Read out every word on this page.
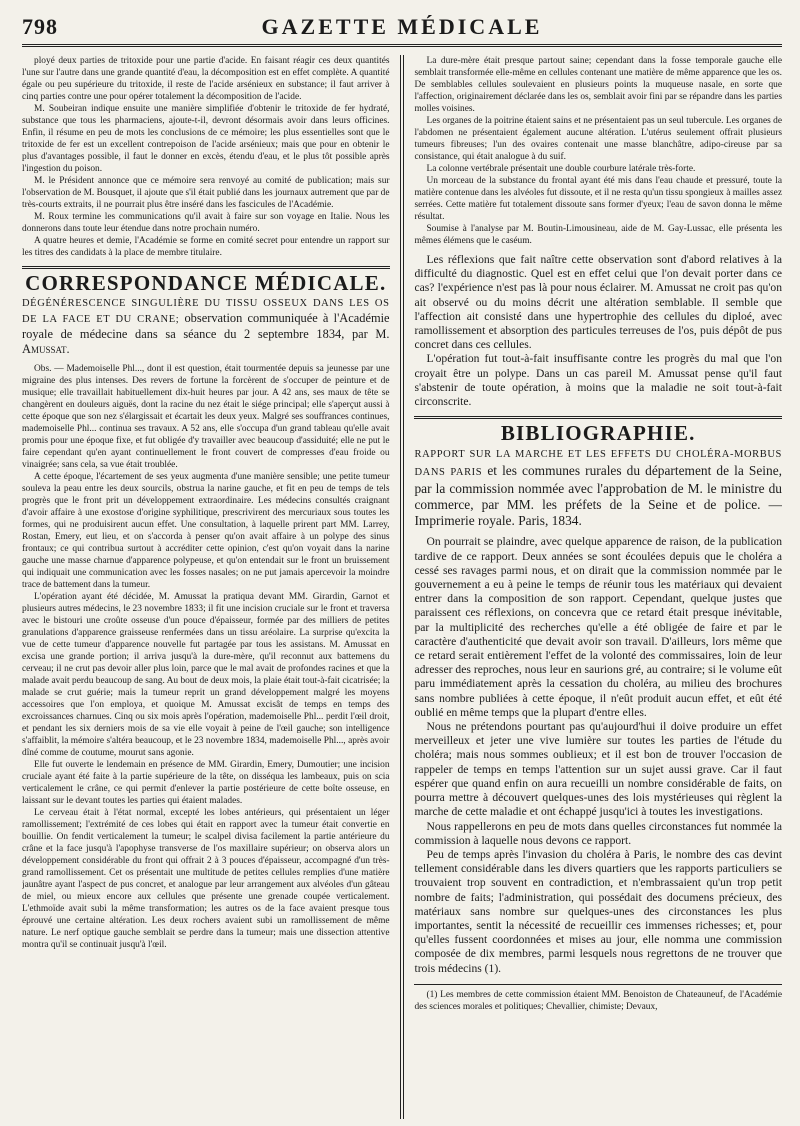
798	GAZETTE MÉDICALE

ployé deux parties de tritoxide pour une partie d'acide. En faisant réagir ces deux quantités l'une sur l'autre dans une grande quantité d'eau, la décomposition est en effet complète. A quantité égale ou peu supérieure du tritoxide, il reste de l'acide arsénieux en substance; il faut arriver à cinq parties contre une pour opérer totalement la décomposition de l'acide.

M. Soubeiran indique ensuite une manière simplifiée d'obtenir le tritoxide de fer hydraté, substance que tous les pharmaciens, ajoute-t-il, devront désormais avoir dans leurs officines. Enfin, il résume en peu de mots les conclusions de ce mémoire; les plus essentielles sont que le tritoxide de fer est un excellent contrepoison de l'acide arsénieux; mais que pour en obtenir le plus d'avantages possible, il faut le donner en excès, étendu d'eau, et le plus tôt possible après l'ingestion du poison.

M. le Président annonce que ce mémoire sera renvoyé au comité de publication; mais sur l'observation de M. Bousquet, il ajoute que s'il était publié dans les journaux autrement que par de très-courts extraits, il ne pourrait plus être inséré dans les fascicules de l'Académie.

M. Roux termine les communications qu'il avait à faire sur son voyage en Italie. Nous les donnerons dans toute leur étendue dans notre prochain numéro.

A quatre heures et demie, l'Académie se forme en comité secret pour entendre un rapport sur les titres des candidats à la place de membre titulaire.

CORRESPONDANCE MÉDICALE.
DÉGÉNÉRESCENCE SINGULIÈRE DU TISSU OSSEUX DANS LES OS DE LA FACE ET DU CRANE; observation communiquée à l'Académie royale de médecine dans sa séance du 2 septembre 1834, par M. Amussat.

Obs. — Mademoiselle Phl..., dont il est question, était tourmentée depuis sa jeunesse par une migraine des plus intenses. Des revers de fortune la forcèrent de s'occuper de peinture et de musique; elle travaillait habituellement dix-huit heures par jour. A 42 ans, ses maux de tête se changèrent en douleurs aiguës, dont la racine du nez était le siége principal; elle s'aperçut aussi à cette époque que son nez s'élargissait et écartait les deux yeux. Malgré ses souffrances continues, mademoiselle Phl... continua ses travaux. A 52 ans, elle s'occupa d'un grand tableau qu'elle avait promis pour une époque fixe, et fut obligée d'y travailler avec beaucoup d'assiduité; elle ne put le faire cependant qu'en ayant continuellement le front couvert de compresses d'eau froide ou vinaigrée; sans cela, sa vue était troublée.

A cette époque, l'écartement de ses yeux augmenta d'une manière sensible; une petite tumeur souleva la peau entre les deux sourcils, obstrua la narine gauche, et fit en peu de temps de tels progrès que le front prit un développement extraordinaire. Les médecins consultés craignant d'avoir affaire à une exostose d'origine syphilitique, prescrivirent des mercuriaux sous toutes les formes, qui ne produisirent aucun effet. Une consultation, à laquelle prirent part MM. Larrey, Rostan, Emery, eut lieu, et on s'accorda à penser qu'on avait affaire à un polype des sinus frontaux; ce qui contribua surtout à accréditer cette opinion, c'est qu'on voyait dans la narine gauche une masse charnue d'apparence polypeuse, et qu'on entendait sur le front un bruissement qui indiquait une communication avec les fosses nasales; on ne put jamais apercevoir la moindre trace de battement dans la tumeur.

L'opération ayant été décidée, M. Amussat la pratiqua devant MM. Girardin, Garnot et plusieurs autres médecins, le 23 novembre 1833; il fit une incision cruciale sur le front et traversa avec le bistouri une croûte osseuse d'un pouce d'épaisseur, formée par des milliers de petites granulations d'apparence graisseuse renfermées dans un tissu aréolaire. La surprise qu'excita la vue de cette tumeur d'apparence nouvelle fut partagée par tous les assistans. M. Amussat en excisa une grande portion; il arriva jusqu'à la dure-mère, qu'il reconnut aux battemens du cerveau; il ne crut pas devoir aller plus loin, parce que le mal avait de profondes racines et que la malade avait perdu beaucoup de sang. Au bout de deux mois, la plaie était tout-à-fait cicatrisée; la malade se crut guérie; mais la tumeur reprit un grand développement malgré les moyens accessoires que l'on employa, et quoique M. Amussat excisât de temps en temps des excroissances charnues. Cinq ou six mois après l'opération, mademoiselle Phl... perdit l'œil droit, et pendant les six derniers mois de sa vie elle voyait à peine de l'œil gauche; son intelligence s'affaiblit, la mémoire s'altéra beaucoup, et le 23 novembre 1834, mademoiselle Phl..., après avoir dîné comme de coutume, mourut sans agonie.

Elle fut ouverte le lendemain en présence de MM. Girardin, Emery, Dumoutier; une incision cruciale ayant été faite à la partie supérieure de la tête, on disséqua les lambeaux, puis on scia verticalement le crâne, ce qui permit d'enlever la partie postérieure de cette boîte osseuse, en laissant sur le devant toutes les parties qui étaient malades.

Le cerveau était à l'état normal, excepté les lobes antérieurs, qui présentaient un léger ramollissement; l'extrémité de ces lobes qui était en rapport avec la tumeur était convertie en bouillie. On fendit verticalement la tumeur; le scalpel divisa facilement la partie antérieure du crâne et la face jusqu'à l'apophyse transverse de l'os maxillaire supérieur; on observa alors un développement considérable du front qui offrait 2 à 3 pouces d'épaisseur, accompagné d'un très-grand ramollissement. Cet os présentait une multitude de petites cellules remplies d'une matière jaunâtre ayant l'aspect de pus concret, et analogue par leur arrangement aux alvéoles d'un gâteau de miel, ou mieux encore aux cellules que présente une grenade coupée verticalement. L'ethmoïde avait subi la même transformation; les autres os de la face avaient presque tous éprouvé une certaine altération. Les deux rochers avaient subi un ramollissement de même nature. Le nerf optique gauche semblait se perdre dans la tumeur; mais une dissection attentive montra qu'il se continuait jusqu'à l'œil.

La dure-mère était presque partout saine; cependant dans la fosse temporale gauche elle semblait transformée elle-même en cellules contenant une matière de même apparence que les os. De semblables cellules soulevaient en plusieurs points la muqueuse nasale, en sorte que l'affection, originairement déclarée dans les os, semblait avoir fini par se répandre dans les parties molles voisines.

Les organes de la poitrine étaient sains et ne présentaient pas un seul tubercule. Les organes de l'abdomen ne présentaient également aucune altération. L'utérus seulement offrait plusieurs tumeurs fibreuses; l'un des ovaires contenait une masse blanchâtre, adipo-cireuse par sa consistance, qui était analogue à du suif.

La colonne vertébrale présentait une double courbure latérale très-forte.

Un morceau de la substance du frontal ayant été mis dans l'eau chaude et pressuré, toute la matière contenue dans les alvéoles fut dissoute, et il ne resta qu'un tissu spongieux à mailles assez serrées. Cette matière fut totalement dissoute sans former d'yeux; l'eau de savon donna le même résultat.

Soumise à l'analyse par M. Boutin-Limousineau, aide de M. Gay-Lussac, elle présenta les mêmes élémens que le caséum.

Les réflexions que fait naître cette observation sont d'abord relatives à la difficulté du diagnostic. Quel est en effet celui que l'on devait porter dans ce cas? l'expérience n'est pas là pour nous éclairer. M. Amussat ne croit pas qu'on ait observé ou du moins décrit une altération semblable. Il semble que l'affection ait consisté dans une hypertrophie des cellules du diploé, avec ramollissement et absorption des particules terreuses de l'os, puis dépôt de pus concret dans ces cellules.

L'opération fut tout-à-fait insuffisante contre les progrès du mal que l'on croyait être un polype. Dans un cas pareil M. Amussat pense qu'il faut s'abstenir de toute opération, à moins que la maladie ne soit tout-à-fait circonscrite.

BIBLIOGRAPHIE.
RAPPORT SUR LA MARCHE ET LES EFFETS DU CHOLÉRA-MORBUS DANS PARIS et les communes rurales du département de la Seine, par la commission nommée avec l'approbation de M. le ministre du commerce, par MM. les préfets de la Seine et de police. — Imprimerie royale. Paris, 1834.

On pourrait se plaindre, avec quelque apparence de raison, de la publication tardive de ce rapport. Deux années se sont écoulées depuis que le choléra a cessé ses ravages parmi nous, et on dirait que la commission nommée par le gouvernement a eu à peine le temps de réunir tous les matériaux qui devaient entrer dans la composition de son rapport. Cependant, quelque justes que paraissent ces réflexions, on concevra que ce retard était presque inévitable, par la multiplicité des recherches qu'elle a été obligée de faire et par le caractère d'authenticité que devait avoir son travail. D'ailleurs, lors même que ce retard serait entièrement l'effet de la volonté des commissaires, loin de leur adresser des reproches, nous leur en saurions gré, au contraire; si le volume eût paru immédiatement après la cessation du choléra, au milieu des brochures sans nombre publiées à cette époque, il n'eût produit aucun effet, et eût été oublié en même temps que la plupart d'entre elles.

Nous ne prétendons pourtant pas qu'aujourd'hui il doive produire un effet merveilleux et jeter une vive lumière sur toutes les parties de l'étude du choléra; mais nous sommes oublieux; et il est bon de trouver l'occasion de rappeler de temps en temps l'attention sur un sujet aussi grave. Car il faut espérer que quand enfin on aura recueilli un nombre considérable de faits, on pourra mettre à découvert quelques-unes des lois mystérieuses qui règlent la marche de cette maladie et ont échappé jusqu'ici à toutes les investigations.

Nous rappellerons en peu de mots dans quelles circonstances fut nommée la commission à laquelle nous devons ce rapport.

Peu de temps après l'invasion du choléra à Paris, le nombre des cas devint tellement considérable dans les divers quartiers que les rapports particuliers se trouvaient trop souvent en contradiction, et n'embrassaient qu'un trop petit nombre de faits; l'administration, qui possédait des documens précieux, des matériaux sans nombre sur quelques-unes des circonstances les plus importantes, sentit la nécessité de recueillir ces immenses richesses; et, pour qu'elles fussent coordonnées et mises au jour, elle nomma une commission composée de dix membres, parmi lesquels nous regrettons de ne trouver que trois médecins (1).

(1) Les membres de cette commission étaient MM. Benoiston de Chateauneuf, de l'Académie des sciences morales et politiques; Chevallier, chimiste; Devaux,
